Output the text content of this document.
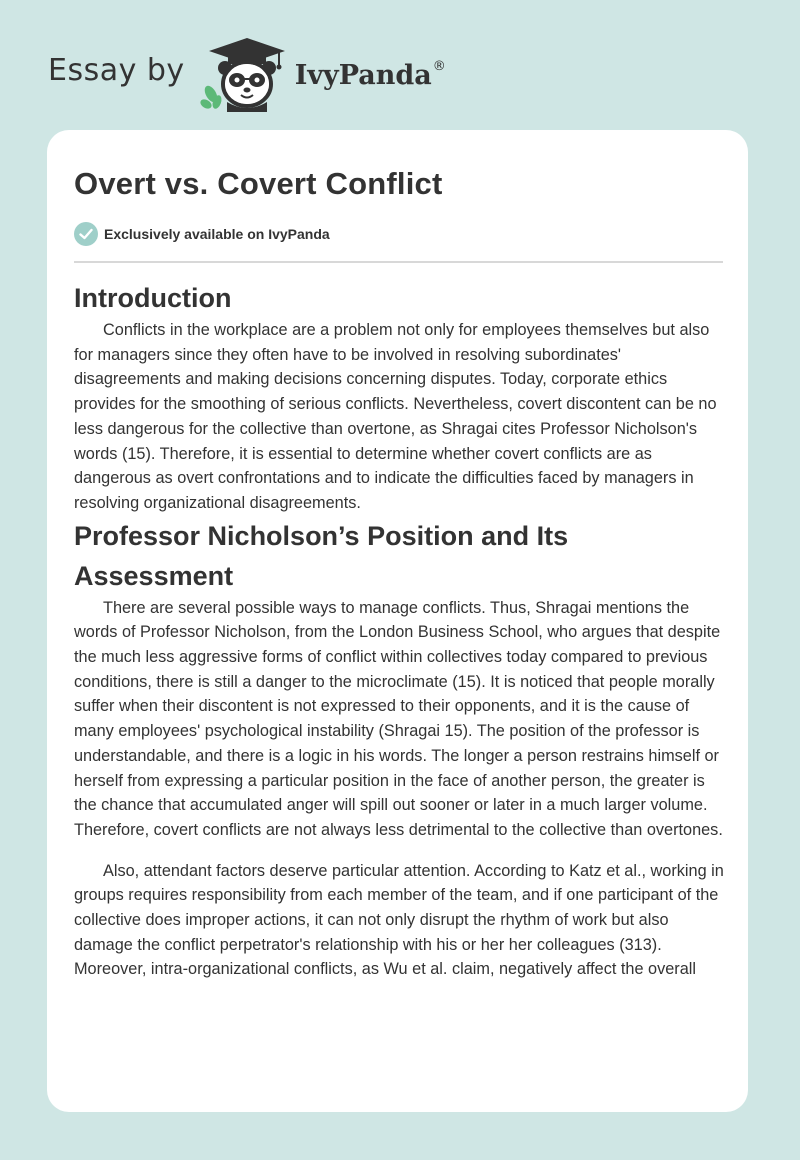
Essay by	IvyPanda®
Overt vs. Covert Conflict
Exclusively available on IvyPanda
Introduction

Conflicts in the workplace are a problem not only for employees themselves but also for managers since they often have to be involved in resolving subordinates' disagreements and making decisions concerning disputes. Today, corporate ethics provides for the smoothing of serious conflicts. Nevertheless, covert discontent can be no less dangerous for the collective than overtone, as Shragai cites Professor Nicholson's words (15). Therefore, it is essential to determine whether covert conflicts are as dangerous as overt confrontations and to indicate the difficulties faced by managers in resolving organizational disagreements.

Professor Nicholson’s Position and Its Assessment

There are several possible ways to manage conflicts. Thus, Shragai mentions the words of Professor Nicholson, from the London Business School, who argues that despite the much less aggressive forms of conflict within collectives today compared to previous conditions, there is still a danger to the microclimate (15). It is noticed that people morally suffer when their discontent is not expressed to their opponents, and it is the cause of many employees' psychological instability (Shragai 15). The position of the professor is understandable, and there is a logic in his words. The longer a person restrains himself or herself from expressing a particular position in the face of another person, the greater is the chance that accumulated anger will spill out sooner or later in a much larger volume. Therefore, covert conflicts are not always less detrimental to the collective than overtones.

Also, attendant factors deserve particular attention. According to Katz et al., working in groups requires responsibility from each member of the team, and if one participant of the collective does improper actions, it can not only disrupt the rhythm of work but also damage the conflict perpetrator's relationship with his or her her colleagues (313). Moreover, intra-organizational conflicts, as Wu et al. claim, negatively affect the overall
